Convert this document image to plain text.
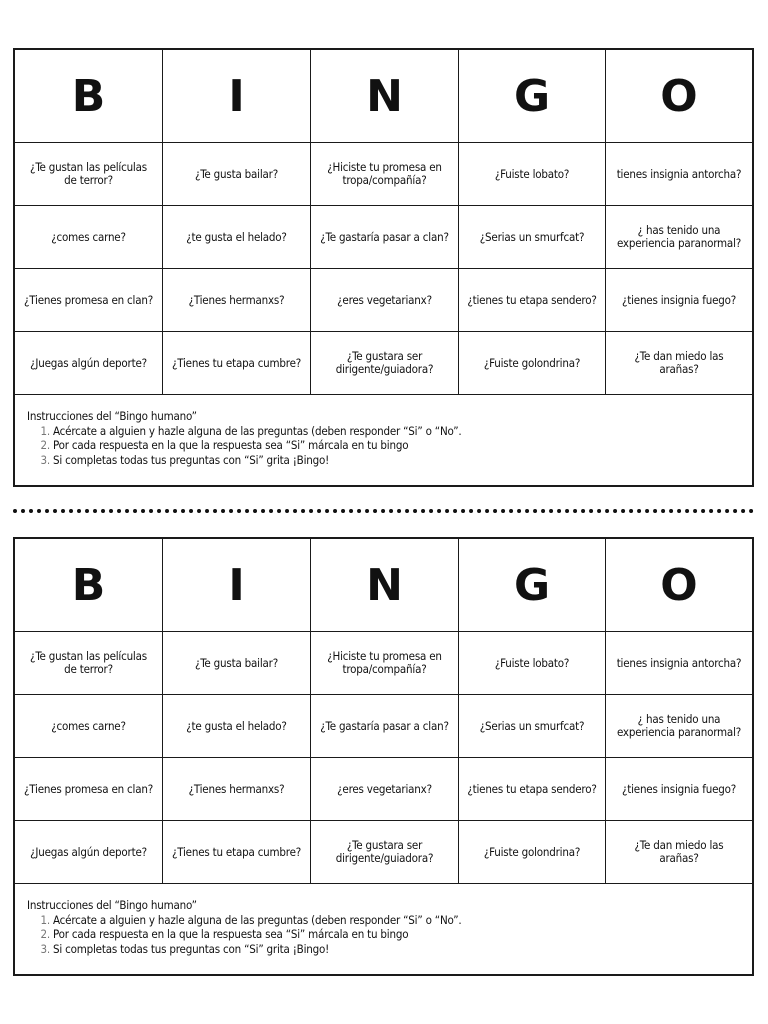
B	I	N	G	O
¿Te gustan las películas de terror?	¿Te gusta bailar?	¿Hiciste tu promesa en tropa/compañía?	¿Fuiste lobato?	tienes insignia antorcha?
¿comes carne?	¿te gusta el helado?	¿Te gastaría pasar a clan?	¿Serias un smurfcat?	¿ has tenido una experiencia paranormal?
¿Tienes promesa en clan?	¿Tienes hermanxs?	¿eres vegetarianx?	¿tienes tu etapa sendero?	¿tienes insignia fuego?
¿Juegas algún deporte?	¿Tienes tu etapa cumbre?	¿Te gustara ser dirigente/guiadora?	¿Fuiste golondrina?	¿Te dan miedo las arañas?
Instrucciones del “Bingo humano”
1. Acércate a alguien y hazle alguna de las preguntas (deben responder “Si” o “No”.
2. Por cada respuesta en la que la respuesta sea “Si” márcala en tu bingo
3. Si completas todas tus preguntas con “Si” grita ¡Bingo!
B	I	N	G	O
¿Te gustan las películas de terror?	¿Te gusta bailar?	¿Hiciste tu promesa en tropa/compañía?	¿Fuiste lobato?	tienes insignia antorcha?
¿comes carne?	¿te gusta el helado?	¿Te gastaría pasar a clan?	¿Serias un smurfcat?	¿ has tenido una experiencia paranormal?
¿Tienes promesa en clan?	¿Tienes hermanxs?	¿eres vegetarianx?	¿tienes tu etapa sendero?	¿tienes insignia fuego?
¿Juegas algún deporte?	¿Tienes tu etapa cumbre?	¿Te gustara ser dirigente/guiadora?	¿Fuiste golondrina?	¿Te dan miedo las arañas?
Instrucciones del “Bingo humano”
1. Acércate a alguien y hazle alguna de las preguntas (deben responder “Si” o “No”.
2. Por cada respuesta en la que la respuesta sea “Si” márcala en tu bingo
3. Si completas todas tus preguntas con “Si” grita ¡Bingo!
